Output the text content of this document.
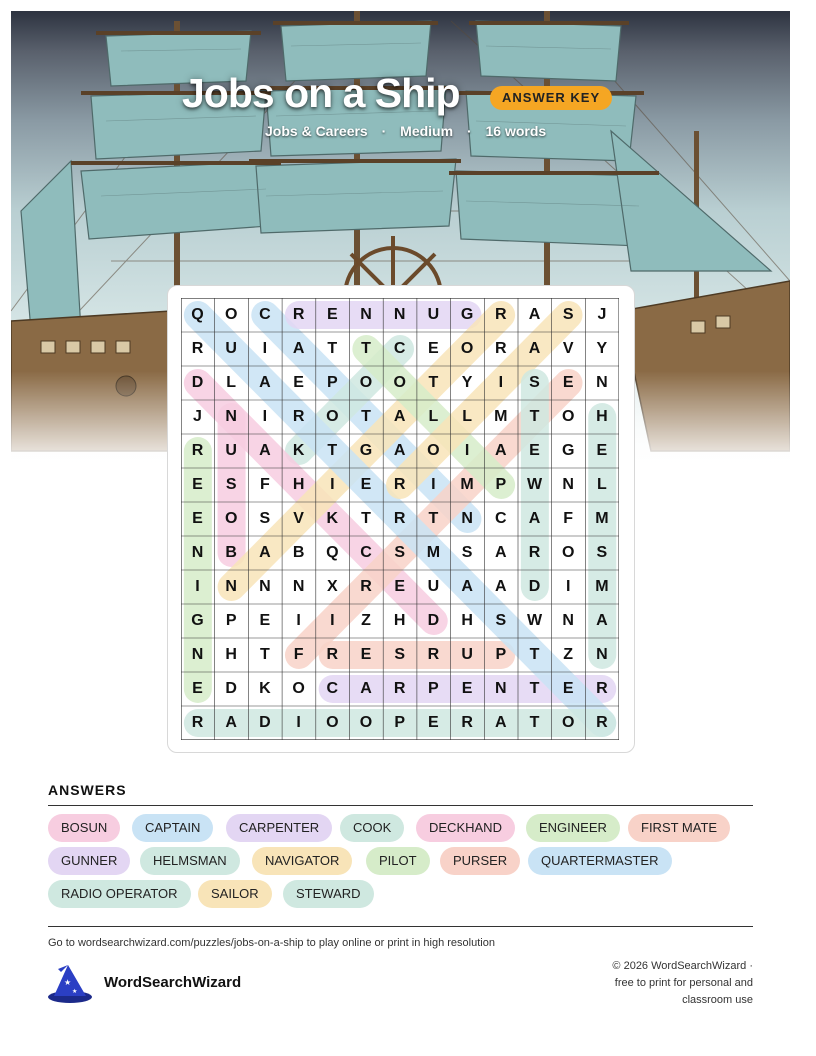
Jobs on a Ship	ANSWER KEY
Jobs & Careers · Medium · 16 words
Q	O	C	R	E	N	N	U	G	R	A	S	J
R	U	I	A	T	T	C	E	O	R	A	V	Y
D	L	A	E	P	O	O	T	Y	I	S	E	N
J	N	I	R	O	T	A	L	L	M	T	O	H
R	U	A	K	T	G	A	O	I	A	E	G	E
E	S	F	H	I	E	R	I	M	P	W	N	L
E	O	S	V	K	T	R	T	N	C	A	F	M
N	B	A	B	Q	C	S	M	S	A	R	O	S
I	N	N	N	X	R	E	U	A	A	D	I	M
G	P	E	I	I	Z	H	D	H	S	W	N	A
N	H	T	F	R	E	S	R	U	P	T	Z	N
E	D	K	O	C	A	R	P	E	N	T	E	R
R	A	D	I	O	O	P	E	R	A	T	O	R
ANSWERS
BOSUN	CAPTAIN	CARPENTER	COOK	DECKHAND	ENGINEER	FIRST MATE
GUNNER	HELMSMAN	NAVIGATOR	PILOT	PURSER	QUARTERMASTER
RADIO OPERATOR	SAILOR	STEWARD
Go to wordsearchwizard.com/puzzles/jobs-on-a-ship to play online or print in high resolution
★
★
WordSearchWizard
© 2026 WordSearchWizard ·
free to print for personal and
classroom use
